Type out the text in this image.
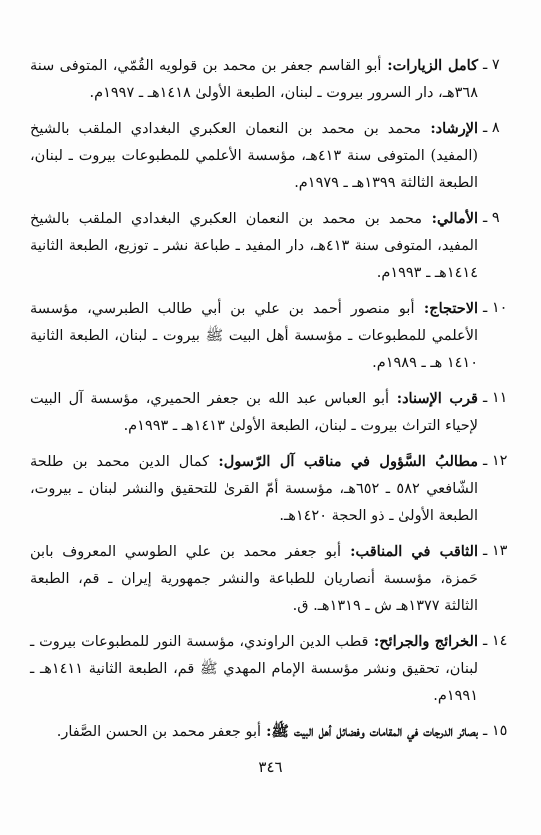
٧ ـ
كامل الزيارات: أبو القاسم جعفر بن محمد بن قولويه القُمّي، المتوفى سنة ٣٦٨هـ، دار السرور بيروت ـ لبنان، الطبعة الأولىٰ ١٤١٨هـ ـ ١٩٩٧م.
٨ ـ
الإرشاد: محمد بن محمد بن النعمان العكبري البغدادي الملقب بالشيخ (المفيد) المتوفى سنة ٤١٣هـ، مؤسسة الأعلمي للمطبوعات بيروت ـ لبنان، الطبعة الثالثة ١٣٩٩هـ ـ ١٩٧٩م.
٩ ـ
الأمالي: محمد بن محمد بن النعمان العكبري البغدادي الملقب بالشيخ المفيد، المتوفى سنة ٤١٣هـ، دار المفيد ـ طباعة نشر ـ توزيع، الطبعة الثانية ١٤١٤هـ ـ ١٩٩٣م.
١٠ ـ
الاحتجاج: أبو منصور أحمد بن علي بن أبي طالب الطبرسي، مؤسسة الأعلمي للمطبوعات ـ مؤسسة أهل البيت ﷺ بيروت ـ لبنان، الطبعة الثانية ١٤١٠ هـ ـ ١٩٨٩م.
١١ ـ
قرب الإسناد: أبو العباس عبد الله بن جعفر الحميري، مؤسسة آل البيت لإحياء التراث بيروت ـ لبنان، الطبعة الأولىٰ ١٤١٣هـ ـ ١٩٩٣م.
١٢ ـ
مطالبُ السَّؤول في مناقب آل الرّسول: كمال الدين محمد بن طلحة الشّافعي ٥٨٢ ـ ٦٥٢هـ، مؤسسة أمّ القرىٰ للتحقيق والنشر لبنان ـ بيروت، الطبعة الأولىٰ ـ ذو الحجة ١٤٢٠هـ.
١٣ ـ
الثاقب في المناقب: أبو جعفر محمد بن علي الطوسي المعروف بابن حَمزة، مؤسسة أنصاريان للطباعة والنشر جمهورية إيران ـ قم، الطبعة الثالثة ١٣٧٧هـ ش ـ ١٣١٩هـ. ق.
١٤ ـ
الخرائج والجرائح: قطب الدين الراوندي، مؤسسة النور للمطبوعات بيروت ـ لبنان، تحقيق ونشر مؤسسة الإمام المهدي ﷺ قم، الطبعة الثانية ١٤١١هـ ـ ١٩٩١م.
١٥ ـ
بصائر الدرجات في المقامات وفضائل أهل البيت ﷺ: أبو جعفر محمد بن الحسن الصَّفار.
٣٤٦
